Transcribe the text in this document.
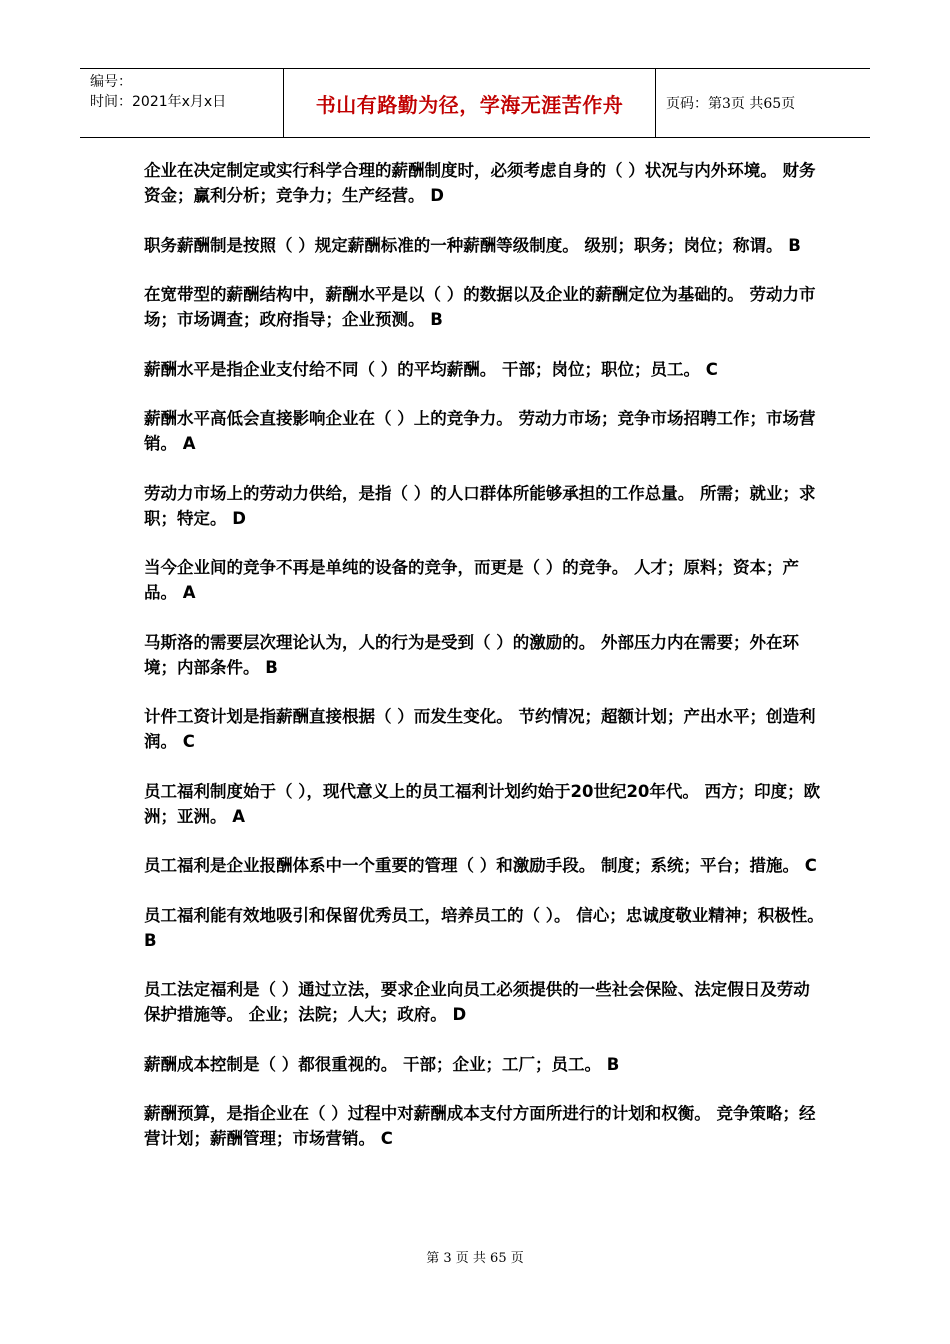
编号：
时间：2021年x月x日	书山有路勤为径，学海无涯苦作舟	页码：第3页 共65页

企业在决定制定或实行科学合理的薪酬制度时，必须考虑自身的（ ）状况与内外环境。 财务资金；赢利分析；竞争力；生产经营。 D

职务薪酬制是按照（ ）规定薪酬标准的一种薪酬等级制度。 级别；职务；岗位；称谓。 B

在宽带型的薪酬结构中，薪酬水平是以（ ）的数据以及企业的薪酬定位为基础的。 劳动力市场；市场调查；政府指导；企业预测。 B

薪酬水平是指企业支付给不同（ ）的平均薪酬。 干部；岗位；职位；员工。 C

薪酬水平高低会直接影响企业在（ ）上的竞争力。 劳动力市场；竞争市场招聘工作；市场营销。 A

劳动力市场上的劳动力供给，是指（ ）的人口群体所能够承担的工作总量。 所需；就业；求职；特定。 D

当今企业间的竞争不再是单纯的设备的竞争，而更是（ ）的竞争。 人才；原料；资本；产品。 A

马斯洛的需要层次理论认为，人的行为是受到（ ）的激励的。 外部压力内在需要；外在环境；内部条件。 B

计件工资计划是指薪酬直接根据（ ）而发生变化。 节约情况；超额计划；产出水平；创造利润。 C

员工福利制度始于（ ），现代意义上的员工福利计划约始于20世纪20年代。 西方；印度；欧洲；亚洲。 A

员工福利是企业报酬体系中一个重要的管理（ ）和激励手段。 制度；系统；平台；措施。 C

员工福利能有效地吸引和保留优秀员工，培养员工的（ ）。 信心；忠诚度敬业精神；积极性。 B

员工法定福利是（ ）通过立法，要求企业向员工必须提供的一些社会保险、法定假日及劳动保护措施等。 企业；法院；人大；政府。 D

薪酬成本控制是（ ）都很重视的。 干部；企业；工厂；员工。 B

薪酬预算，是指企业在（ ）过程中对薪酬成本支付方面所进行的计划和权衡。 竞争策略；经营计划；薪酬管理；市场营销。 C

第 3 页 共 65 页
